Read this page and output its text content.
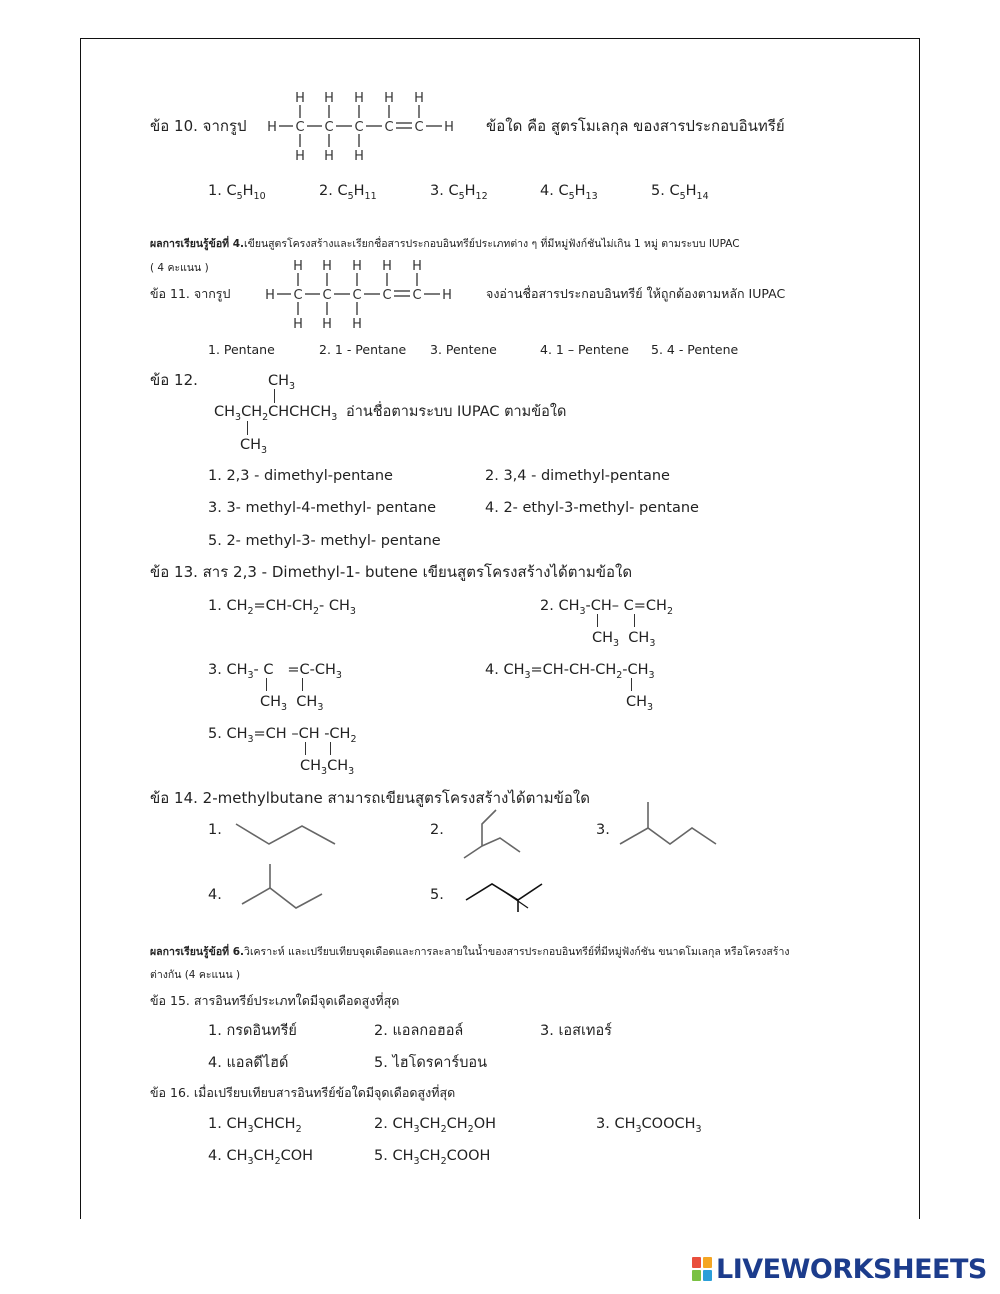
ข้อ 10. จากรูป
H H H H H
H C C C C C H
H H H
ข้อใด คือ สูตรโมเลกุล ของสารประกอบอินทรีย์
1. $C_5H_{10}$	2. $C_5H_{11}$	3. $C_5H_{12}$	4. $C_5H_{13}$	5. $C_5H_{14}$
ผลการเรียนรู้ข้อที่ 4.เขียนสูตรโครงสร้างและเรียกชื่อสารประกอบอินทรีย์ประเภทต่าง ๆ ที่มีหมู่ฟังก์ชันไม่เกิน 1 หมู่ ตามระบบ IUPAC
( 4 คะแนน )
ข้อ 11. จากรูป
H H H H H
H C C C C C H
H H H
จงอ่านชื่อสารประกอบอินทรีย์ ให้ถูกต้องตามหลัก IUPAC
1. Pentane	2. 1 - Pentane 3. Pentene	4. 1 – Pentene 5. 4 - Pentene
ข้อ 12.	$CH_3$
$CH_3CH_2CHCHCH_3$
$CH_3$
อ่านชื่อตามระบบ IUPAC ตามข้อใด
1. 2,3 - dimethyl-pentane	2. 3,4 - dimethyl-pentane
3. 3- methyl-4-methyl- pentane	4. 2- ethyl-3-methyl- pentane
5. 2- methyl-3- methyl- pentane
ข้อ 13. สาร 2,3 - Dimethyl-1- butene เขียนสูตรโครงสร้างได้ตามข้อใด
1. $CH_2=CH-CH_2-$ $CH_3$	2. $CH_3-CH-$ $C=CH_2$
$CH_3$  $CH_3$
3. $CH_3-$ $C =C-CH_3$
$CH_3$  $CH_3$
4. $CH_3=CH-CH-CH_2-CH_3$
$CH_3$
5. $CH_3=CH$ –CH $-CH_2$
$CH_3CH_3$
ข้อ 14. 2-methylbutane สามารถเขียนสูตรโครงสร้างได้ตามข้อใด
1.	2.	3.
4.	5.
ผลการเรียนรู้ข้อที่ 6.วิเคราะห์ และเปรียบเทียบจุดเดือดและการละลายในน้ำของสารประกอบอินทรีย์ที่มีหมู่ฟังก์ชัน ขนาดโมเลกุล หรือโครงสร้าง
ต่างกัน (4 คะแนน )
ข้อ 15. สารอินทรีย์ประเภทใดมีจุดเดือดสูงที่สุด
1. กรดอินทรีย์	2. แอลกอฮอล์	3. เอสเทอร์
4. แอลดีไฮด์	5. ไฮโดรคาร์บอน
ข้อ 16. เมื่อเปรียบเทียบสารอินทรีย์ข้อใดมีจุดเดือดสูงที่สุด
1. $CH_3CHCH_2$	2. $CH_3CH_2CH_2OH$	3. $CH_3COOCH_3$
4. $CH_3CH_2COH$	5. $CH_3CH_2COOH$
LIVEWORKSHEETS
